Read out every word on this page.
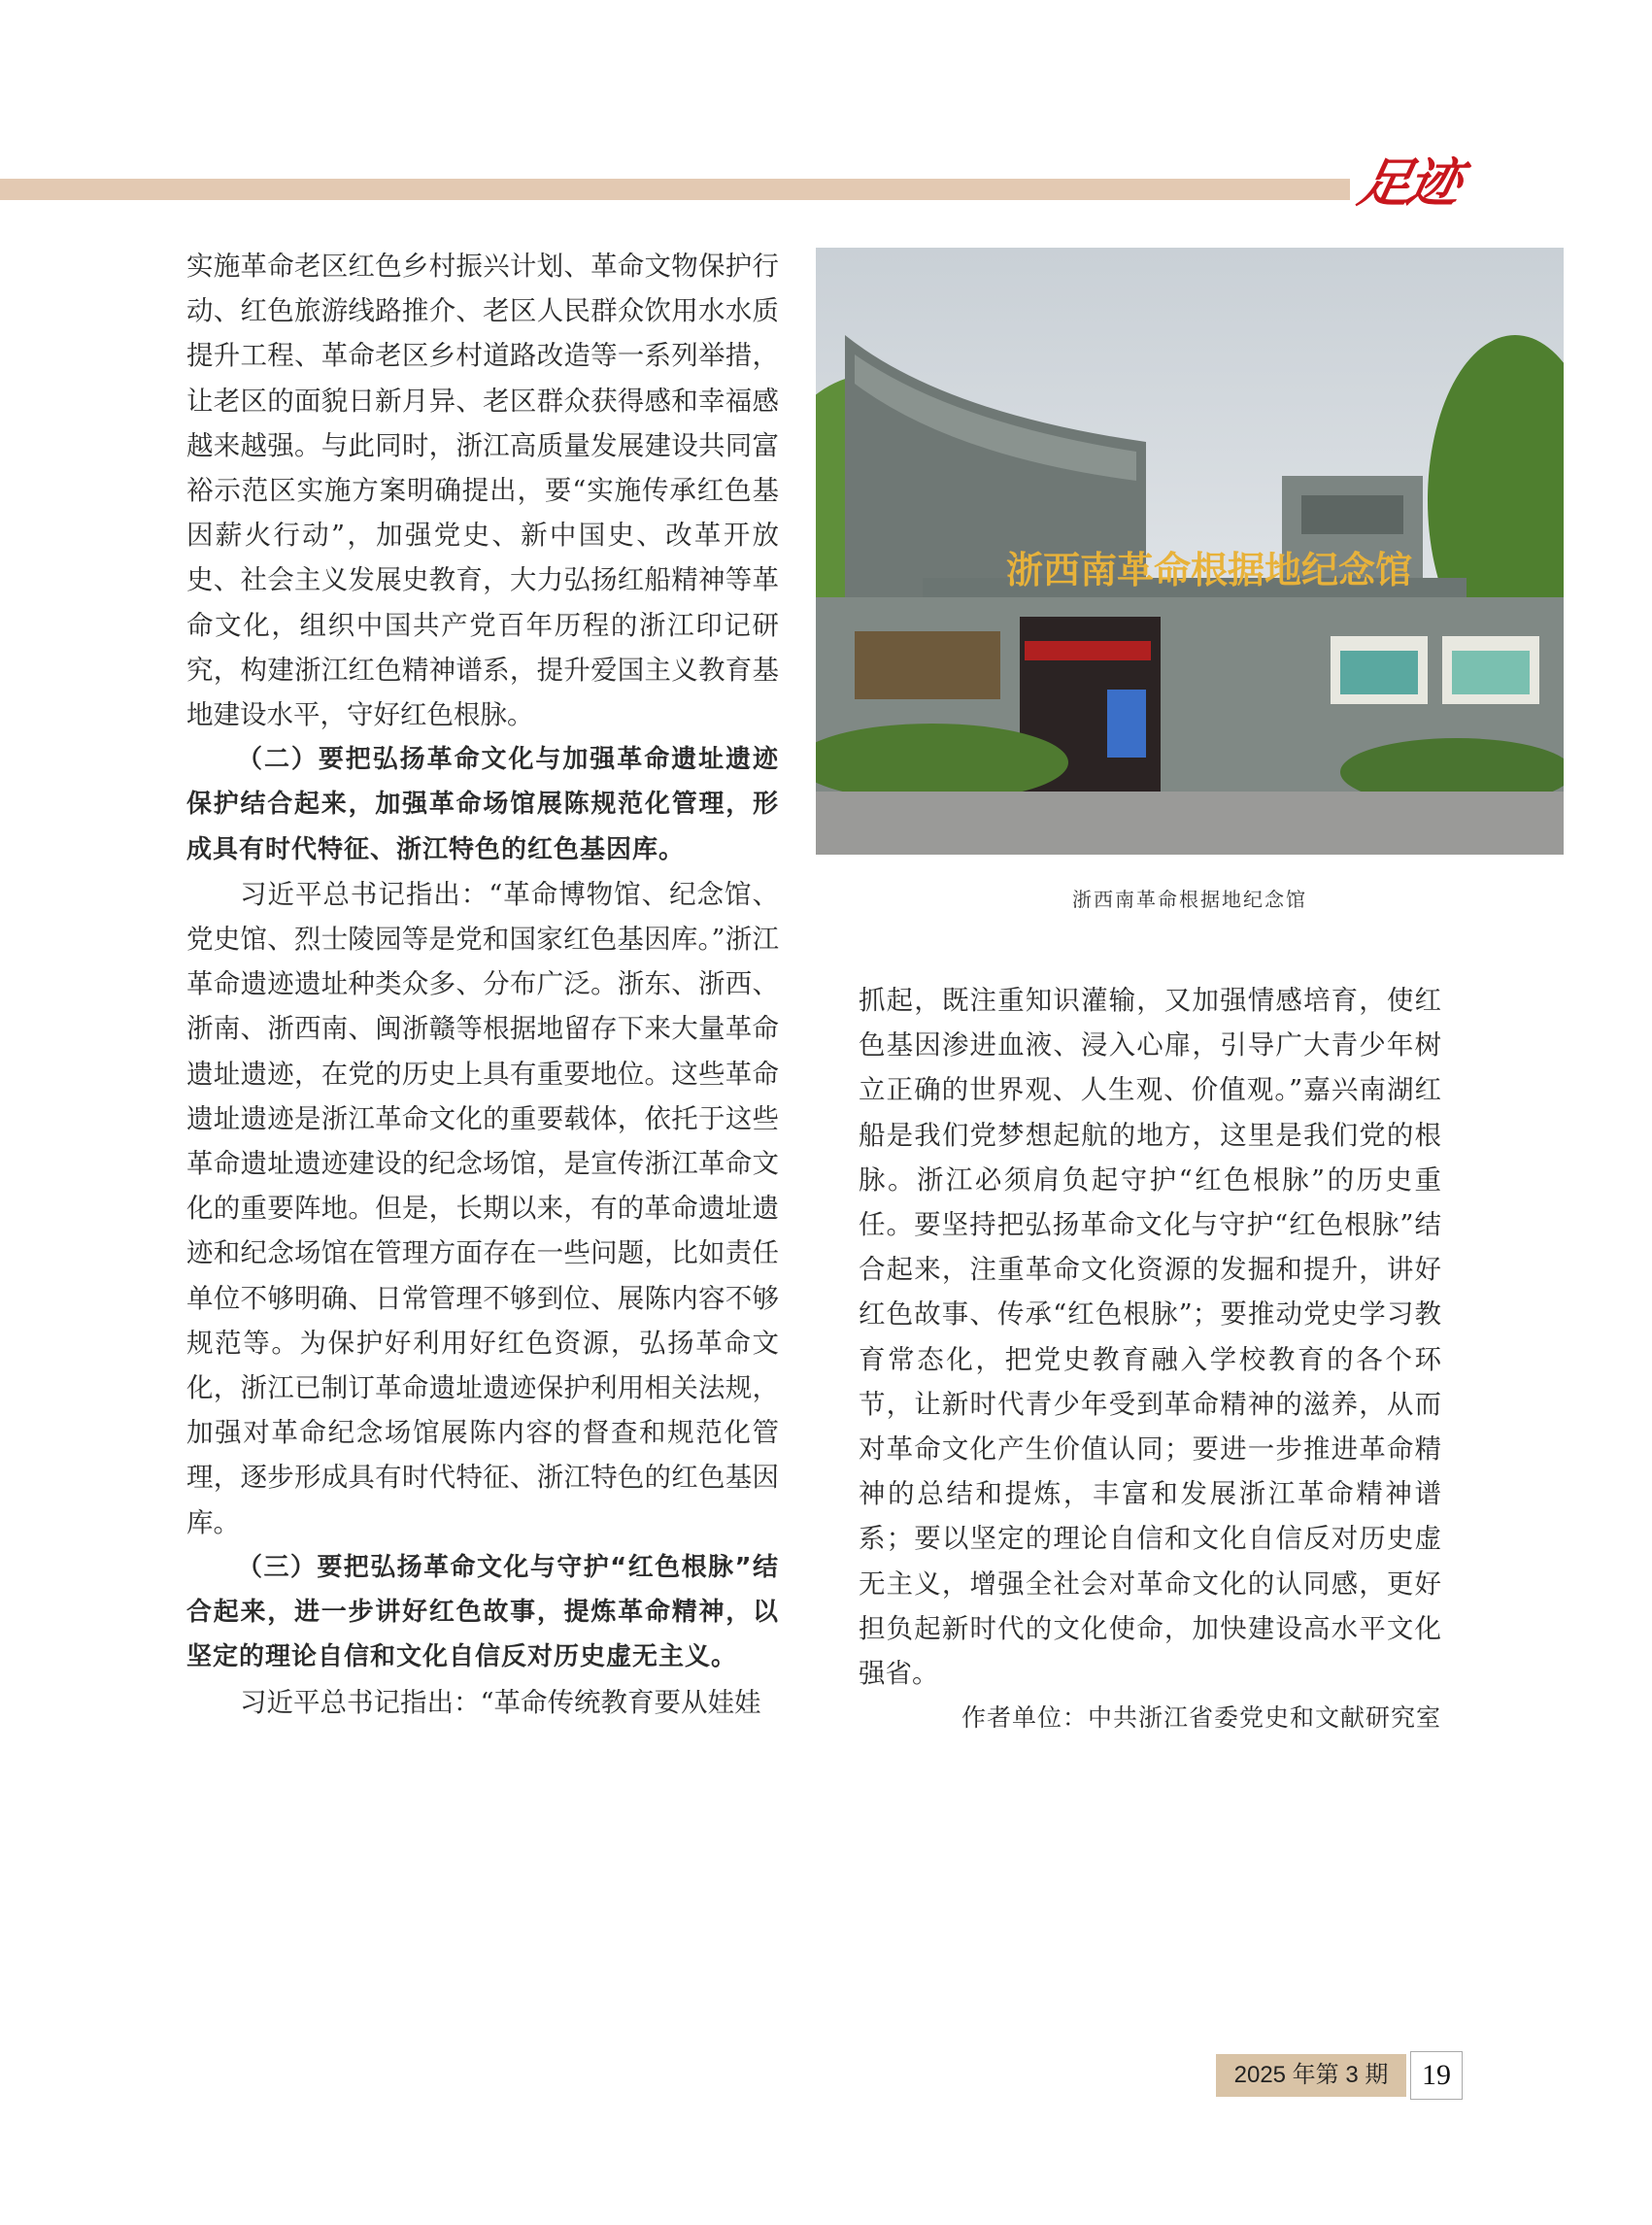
足迹

实施革命老区红色乡村振兴计划、革命文物保护行动、红色旅游线路推介、老区人民群众饮用水水质提升工程、革命老区乡村道路改造等一系列举措，让老区的面貌日新月异、老区群众获得感和幸福感越来越强。与此同时，浙江高质量发展建设共同富裕示范区实施方案明确提出，要“实施传承红色基因薪火行动”，加强党史、新中国史、改革开放史、社会主义发展史教育，大力弘扬红船精神等革命文化，组织中国共产党百年历程的浙江印记研究，构建浙江红色精神谱系，提升爱国主义教育基地建设水平，守好红色根脉。

（二）要把弘扬革命文化与加强革命遗址遗迹保护结合起来，加强革命场馆展陈规范化管理，形成具有时代特征、浙江特色的红色基因库。

习近平总书记指出：“革命博物馆、纪念馆、党史馆、烈士陵园等是党和国家红色基因库。”浙江革命遗迹遗址种类众多、分布广泛。浙东、浙西、浙南、浙西南、闽浙赣等根据地留存下来大量革命遗址遗迹，在党的历史上具有重要地位。这些革命遗址遗迹是浙江革命文化的重要载体，依托于这些革命遗址遗迹建设的纪念场馆，是宣传浙江革命文化的重要阵地。但是，长期以来，有的革命遗址遗迹和纪念场馆在管理方面存在一些问题，比如责任单位不够明确、日常管理不够到位、展陈内容不够规范等。为保护好利用好红色资源，弘扬革命文化，浙江已制订革命遗址遗迹保护利用相关法规，加强对革命纪念场馆展陈内容的督查和规范化管理，逐步形成具有时代特征、浙江特色的红色基因库。

（三）要把弘扬革命文化与守护“红色根脉”结合起来，进一步讲好红色故事，提炼革命精神，以坚定的理论自信和文化自信反对历史虚无主义。

习近平总书记指出：“革命传统教育要从娃娃

浙西南革命根据地纪念馆
浙西南革命根据地纪念馆

抓起，既注重知识灌输，又加强情感培育，使红色基因渗进血液、浸入心扉，引导广大青少年树立正确的世界观、人生观、价值观。”嘉兴南湖红船是我们党梦想起航的地方，这里是我们党的根脉。浙江必须肩负起守护“红色根脉”的历史重任。要坚持把弘扬革命文化与守护“红色根脉”结合起来，注重革命文化资源的发掘和提升，讲好红色故事、传承“红色根脉”；要推动党史学习教育常态化，把党史教育融入学校教育的各个环节，让新时代青少年受到革命精神的滋养，从而对革命文化产生价值认同；要进一步推进革命精神的总结和提炼，丰富和发展浙江革命精神谱系；要以坚定的理论自信和文化自信反对历史虚无主义，增强全社会对革命文化的认同感，更好担负起新时代的文化使命，加快建设高水平文化强省。

作者单位：中共浙江省委党史和文献研究室

2025 年第 3 期	19
